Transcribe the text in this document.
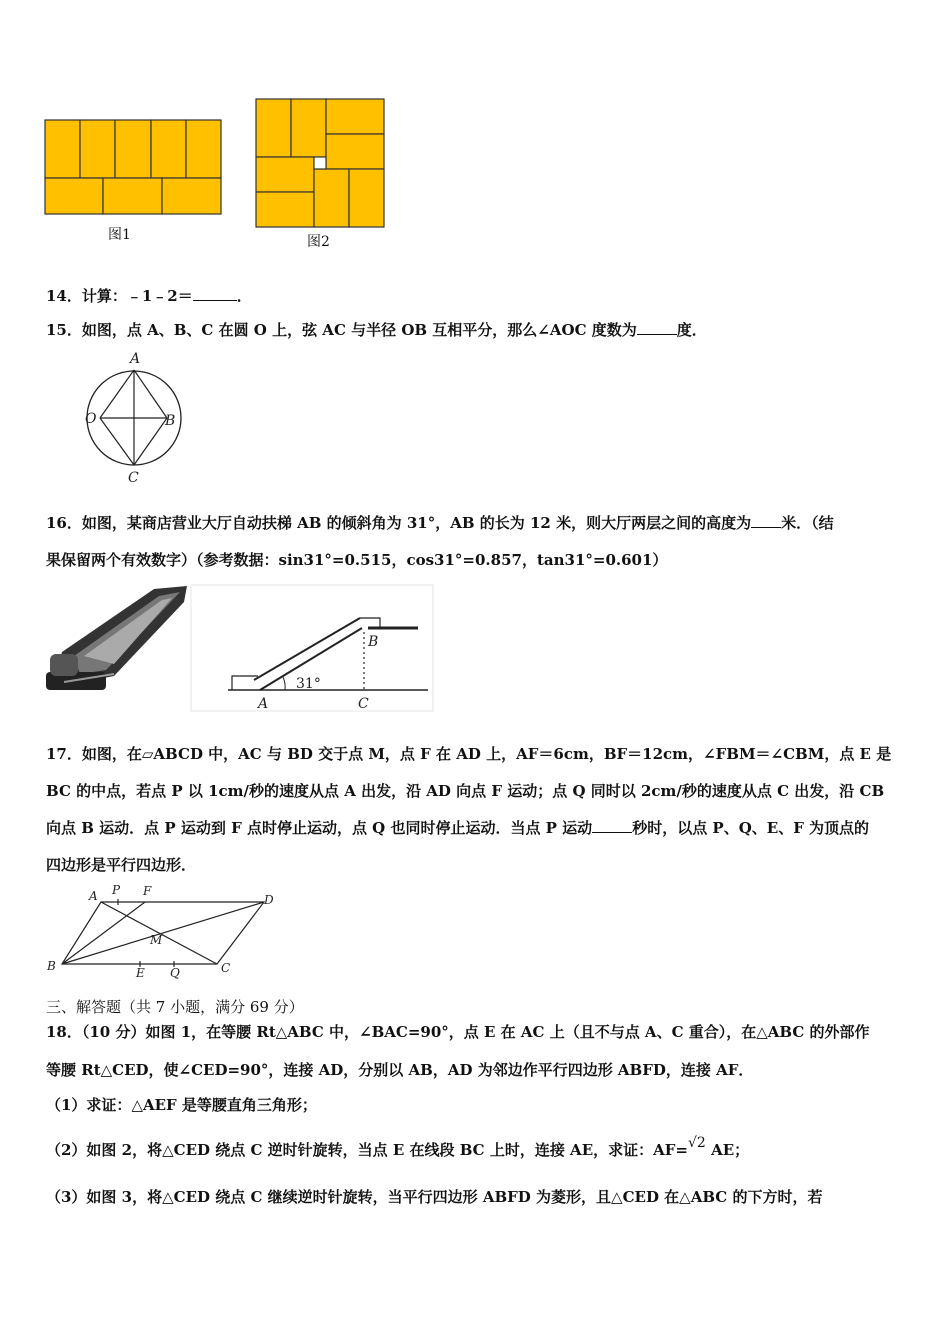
图1	图2
14．计算：﹣1﹣2＝	．
15．如图，点 A、B、C 在圆 O 上，弦 AC 与半径 OB 互相平分，那么∠AOC 度数为	度．
A
O	B
C
16．如图，某商店营业大厅自动扶梯 AB 的倾斜角为 31°，AB 的长为 12 米，则大厅两层之间的高度为 米．（结
果保留两个有效数字）（参考数据：sin31°=0.515，cos31°=0.857，tan31°=0.601）
31°
A
B
C
17．如图，在▱ABCD 中，AC 与 BD 交于点 M，点 F 在 AD 上，AF＝6cm，BF＝12cm，∠FBM＝∠CBM，点 E 是
BC 的中点，若点 P 以 1cm/秒的速度从点 A 出发，沿 AD 向点 F 运动；点 Q 同时以 2cm/秒的速度从点 C 出发，沿 CB
向点 B 运动．点 P 运动到 F 点时停止运动，点 Q 也同时停止运动．当点 P 运动	秒时，以点 P、Q、E、F 为顶点的
四边形是平行四边形．
A P F
D
M
B	E Q	C
三、解答题（共 7 小题，满分 69 分）
18．（10 分）如图 1，在等腰 Rt△ABC 中，∠BAC=90°，点 E 在 AC 上（且不与点 A、C 重合），在△ABC 的外部作
等腰 Rt△CED，使∠CED=90°，连接 AD，分别以 AB，AD 为邻边作平行四边形 ABFD，连接 AF．
（1）求证：△AEF 是等腰直角三角形；
（2）如图 2，将△CED 绕点 C 逆时针旋转，当点 E 在线段 BC 上时，连接 AE，求证：AF=√2 AE；
（3）如图 3，将△CED 绕点 C 继续逆时针旋转，当平行四边形 ABFD 为菱形，且△CED 在△ABC 的下方时，若
